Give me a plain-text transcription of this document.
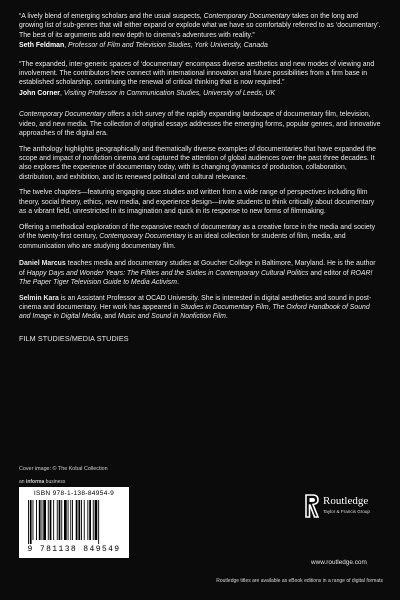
“A lively blend of emerging scholars and the usual suspects, Contemporary Documentary takes on the long and growing list of sub-genres that will either expand or explode what we have so comfortably referred to as ‘documentary’. The best of its arguments add new depth to cinema’s adventures with reality.”

Seth Feldman, Professor of Film and Television Studies, York University, Canada

“The expanded, inter-generic spaces of ‘documentary’ encompass diverse aesthetics and new modes of viewing and involvement. The contributors here connect with international innovation and future possibilities from a firm base in established scholarship, continuing the renewal of critical thinking that is now required.”

John Corner, Visiting Professor in Communication Studies, University of Leeds, UK

Contemporary Documentary offers a rich survey of the rapidly expanding landscape of documentary film, television, video, and new media. The collection of original essays addresses the emerging forms, popular genres, and innovative approaches of the digital era.

The anthology highlights geographically and thematically diverse examples of documentaries that have expanded the scope and impact of nonfiction cinema and captured the attention of global audiences over the past three decades. It also explores the experience of documentary today, with its changing dynamics of production, collaboration, distribution, and exhibition, and its renewed political and cultural relevance.

The twelve chapters—featuring engaging case studies and written from a wide range of perspectives including film theory, social theory, ethics, new media, and experience design—invite students to think critically about documentary as a vibrant field, unrestricted in its imagination and quick in its response to new forms of filmmaking.

Offering a methodical exploration of the expansive reach of documentary as a creative force in the media and society of the twenty-first century, Contemporary Documentary is an ideal collection for students of film, media, and communication who are studying documentary film.

Daniel Marcus teaches media and documentary studies at Goucher College in Baltimore, Maryland. He is the author of Happy Days and Wonder Years: The Fifties and the Sixties in Contemporary Cultural Politics and editor of ROAR! The Paper Tiger Television Guide to Media Activism.

Selmin Kara is an Assistant Professor at OCAD University. She is interested in digital aesthetics and sound in post-cinema and documentary. Her work has appeared in Studies in Documentary Film, The Oxford Handbook of Sound and Image in Digital Media, and Music and Sound in Nonfiction Film.

FILM STUDIES/MEDIA STUDIES

Cover image: © The Kobal Collection
an informa business
ISBN 978-1-138-84954-9
9 781138 849549
Routledge
Taylor & Francis Group
www.routledge.com
Routledge titles are available as eBook editions in a range of digital formats
